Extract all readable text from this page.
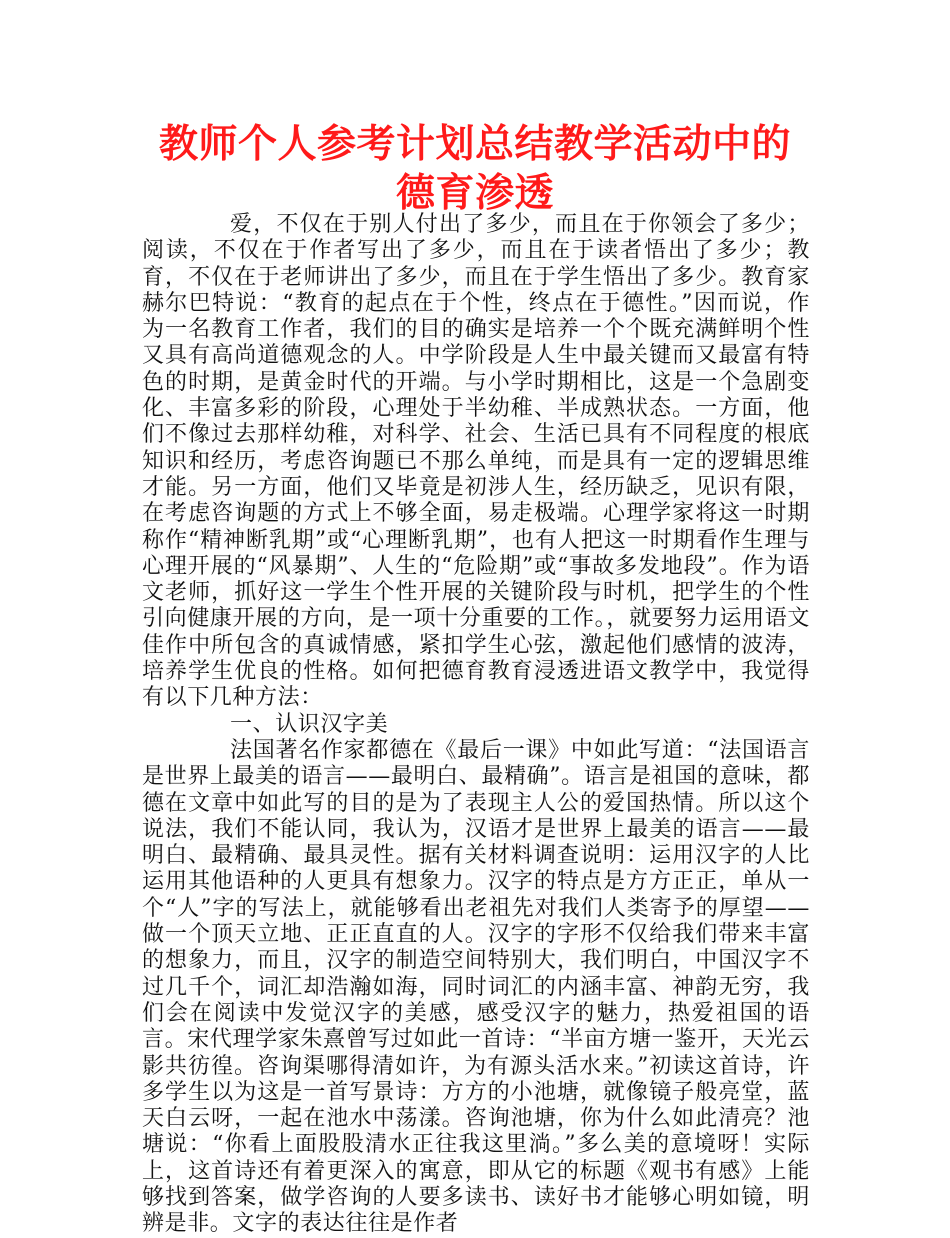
教师个人参考计划总结教学活动中的德育渗透

爱，不仅在于别人付出了多少，而且在于你领会了多少；阅读，不仅在于作者写出了多少，而且在于读者悟出了多少；教育，不仅在于老师讲出了多少，而且在于学生悟出了多少。教育家赫尔巴特说：“教育的起点在于个性，终点在于德性。”因而说，作为一名教育工作者，我们的目的确实是培养一个个既充满鲜明个性又具有高尚道德观念的人。中学阶段是人生中最关键而又最富有特色的时期，是黄金时代的开端。与小学时期相比，这是一个急剧变化、丰富多彩的阶段，心理处于半幼稚、半成熟状态。一方面，他们不像过去那样幼稚，对科学、社会、生活已具有不同程度的根底知识和经历，考虑咨询题已不那么单纯，而是具有一定的逻辑思维才能。另一方面，他们又毕竟是初涉人生，经历缺乏，见识有限，在考虑咨询题的方式上不够全面，易走极端。心理学家将这一时期称作“精神断乳期”或“心理断乳期”，也有人把这一时期看作生理与心理开展的“风暴期”、人生的“危险期”或“事故多发地段”。作为语文老师，抓好这一学生个性开展的关键阶段与时机，把学生的个性引向健康开展的方向，是一项十分重要的工作。，就要努力运用语文佳作中所包含的真诚情感，紧扣学生心弦，激起他们感情的波涛，培养学生优良的性格。如何把德育教育浸透进语文教学中，我觉得有以下几种方法：

一、认识汉字美

法国著名作家都德在《最后一课》中如此写道：“法国语言是世界上最美的语言——最明白、最精确”。语言是祖国的意味，都德在文章中如此写的目的是为了表现主人公的爱国热情。所以这个说法，我们不能认同，我认为，汉语才是世界上最美的语言——最明白、最精确、最具灵性。据有关材料调查说明：运用汉字的人比运用其他语种的人更具有想象力。汉字的特点是方方正正，单从一个“人”字的写法上，就能够看出老祖先对我们人类寄予的厚望——做一个顶天立地、正正直直的人。汉字的字形不仅给我们带来丰富的想象力，而且，汉字的制造空间特别大，我们明白，中国汉字不过几千个，词汇却浩瀚如海，同时词汇的内涵丰富、神韵无穷，我们会在阅读中发觉汉字的美感，感受汉字的魅力，热爱祖国的语言。宋代理学家朱熹曾写过如此一首诗：“半亩方塘一鉴开，天光云影共彷徨。咨询渠哪得清如许，为有源头活水来。”初读这首诗，许多学生以为这是一首写景诗：方方的小池塘，就像镜子般亮堂，蓝天白云呀，一起在池水中荡漾。咨询池塘，你为什么如此清亮？池塘说：“你看上面股股清水正往我这里淌。”多么美的意境呀！实际上，这首诗还有着更深入的寓意，即从它的标题《观书有感》上能够找到答案，做学咨询的人要多读书、读好书才能够心明如镜，明辨是非。文字的表达往往是作者
